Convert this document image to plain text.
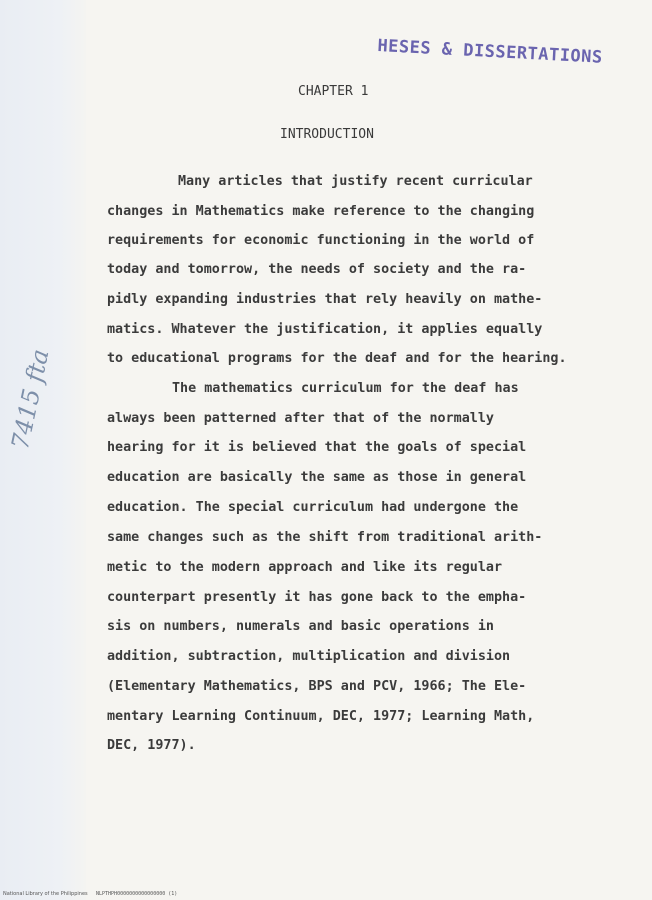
HESES & DISSERTATIONS
CHAPTER 1
INTRODUCTION
Many articles that justify recent curricular
changes in Mathematics make reference to the changing
requirements for economic functioning in the world of
today and tomorrow, the needs of society and the ra-
pidly expanding industries that rely heavily on mathe-
matics. Whatever the justification, it applies equally
to educational programs for the deaf and for the hearing.
The mathematics curriculum for the deaf has
always been patterned after that of the normally
hearing for it is believed that the goals of special
education are basically the same as those in general
education. The special curriculum had undergone the
same changes such as the shift from traditional arith-
metic to the modern approach and like its regular
counterpart presently it has gone back to the empha-
sis on numbers, numerals and basic operations in
addition, subtraction, multiplication and division
(Elementary Mathematics, BPS and PCV, 1966; The Ele-
mentary Learning Continuum, DEC, 1977; Learning Math,
DEC, 1977).
7415 fta
National Library of the Philippines NLPTHPH0000000000000000 (1)
